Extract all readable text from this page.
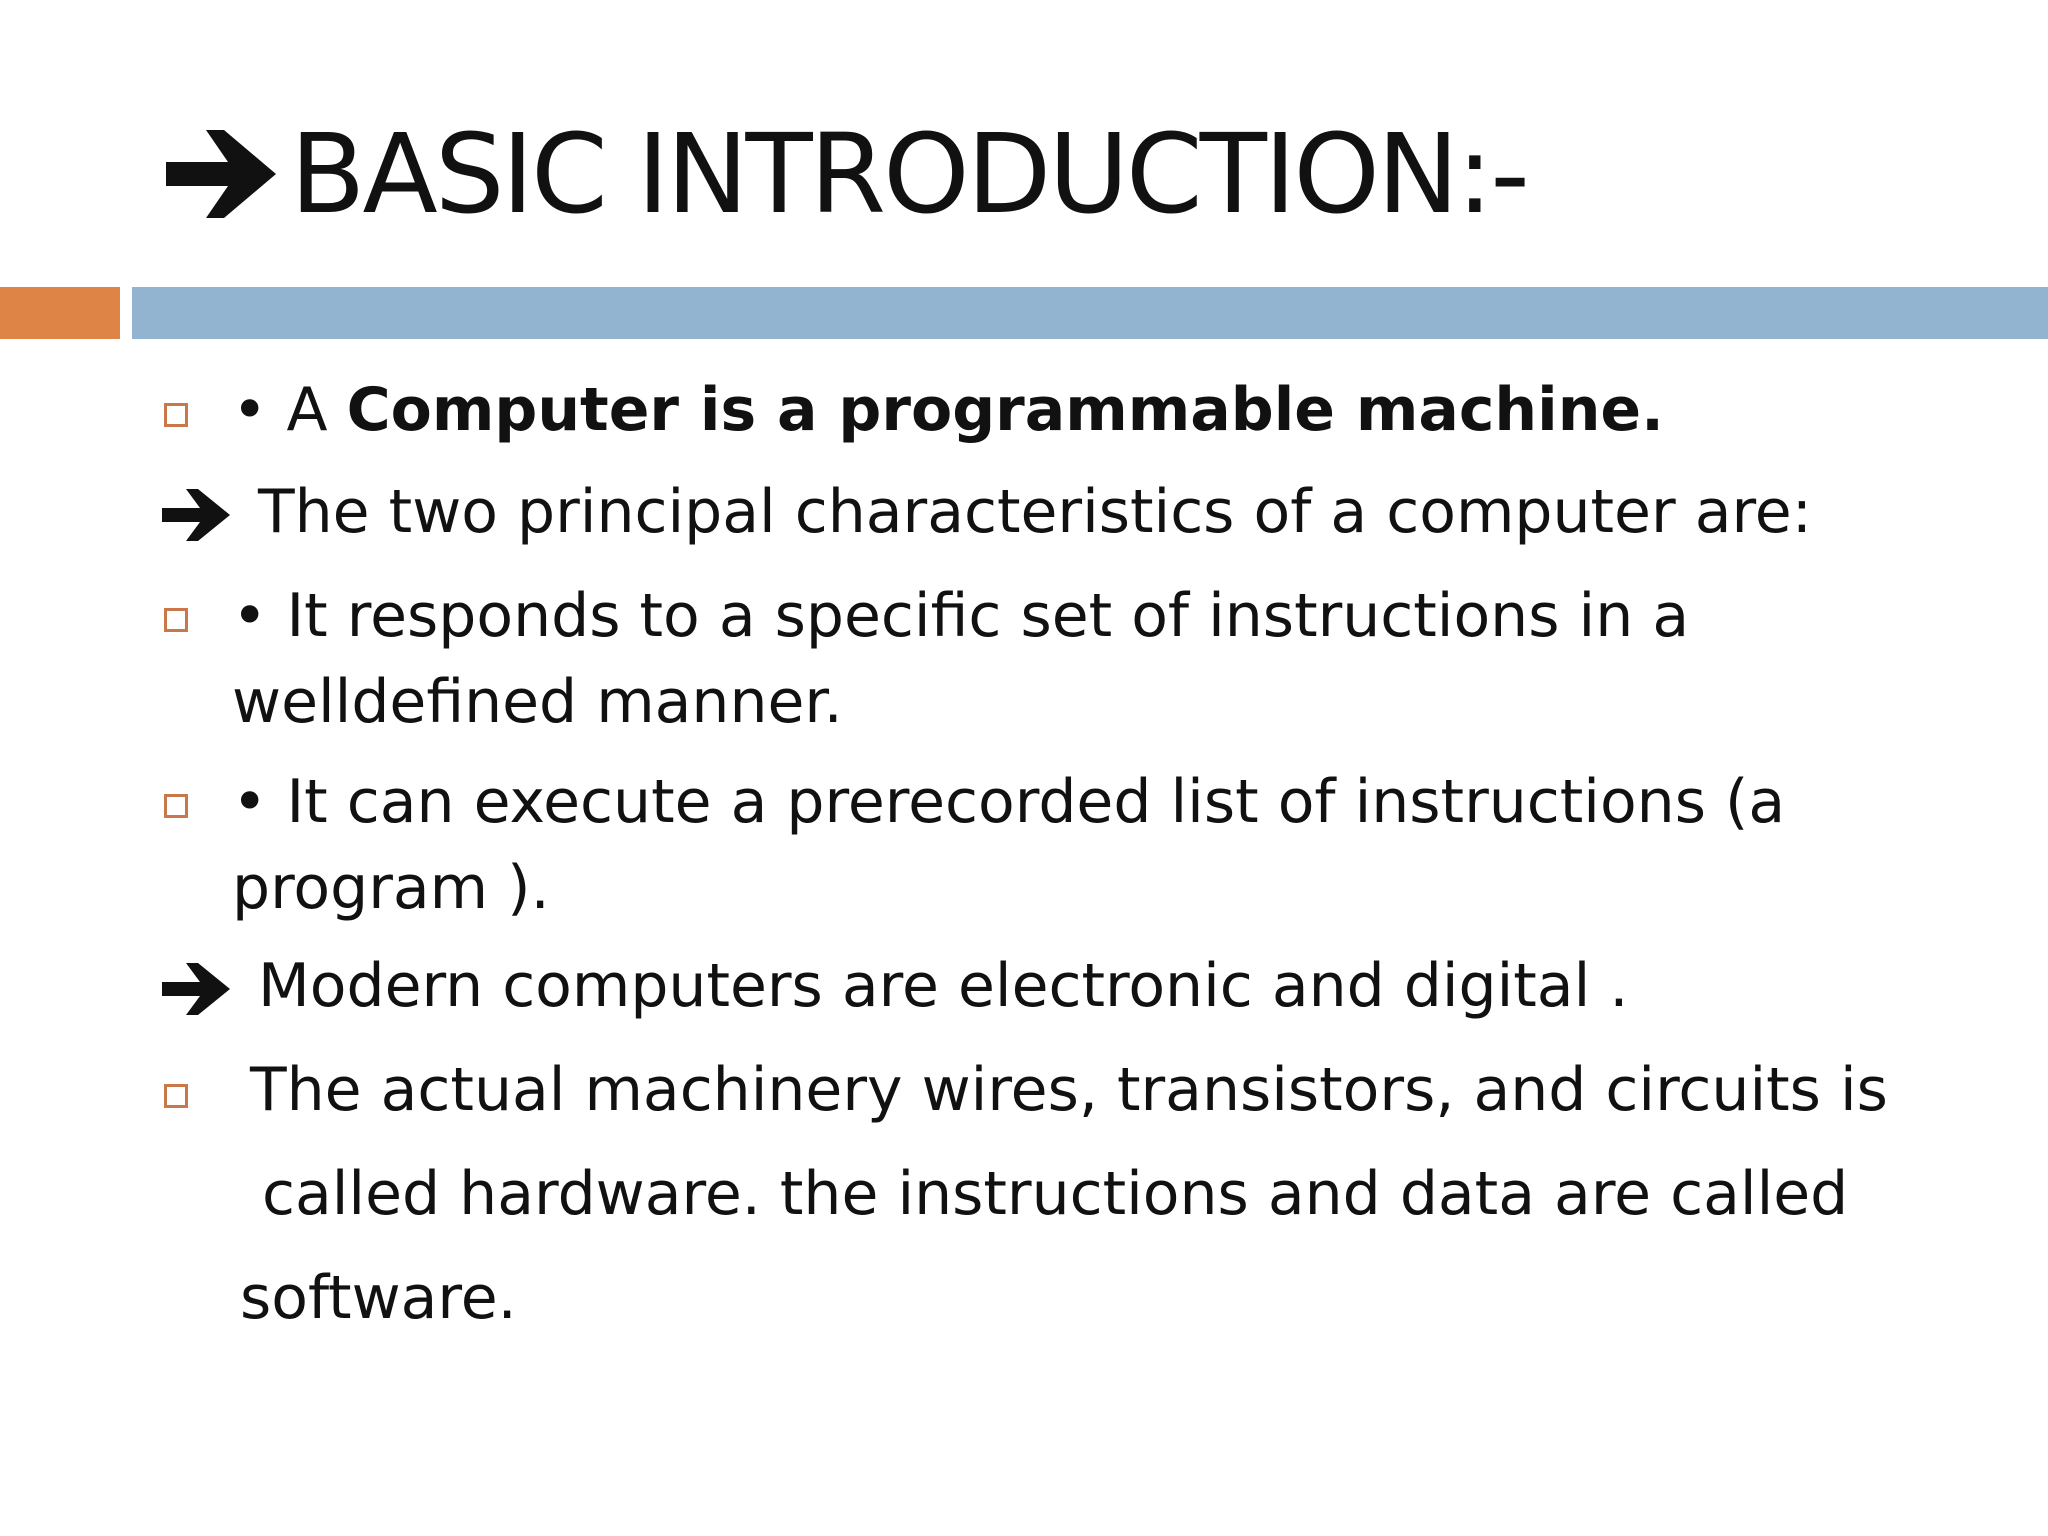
BASIC INTRODUCTION:-
• A Computer is a programmable machine.
The two principal characteristics of a computer are:
• It responds to a specific set of instructions in a
welldefined manner.
• It can execute a prerecorded list of instructions (a
program ).
Modern computers are electronic and digital .
The actual machinery wires, transistors, and circuits is
called hardware. the instructions and data are called
software.
